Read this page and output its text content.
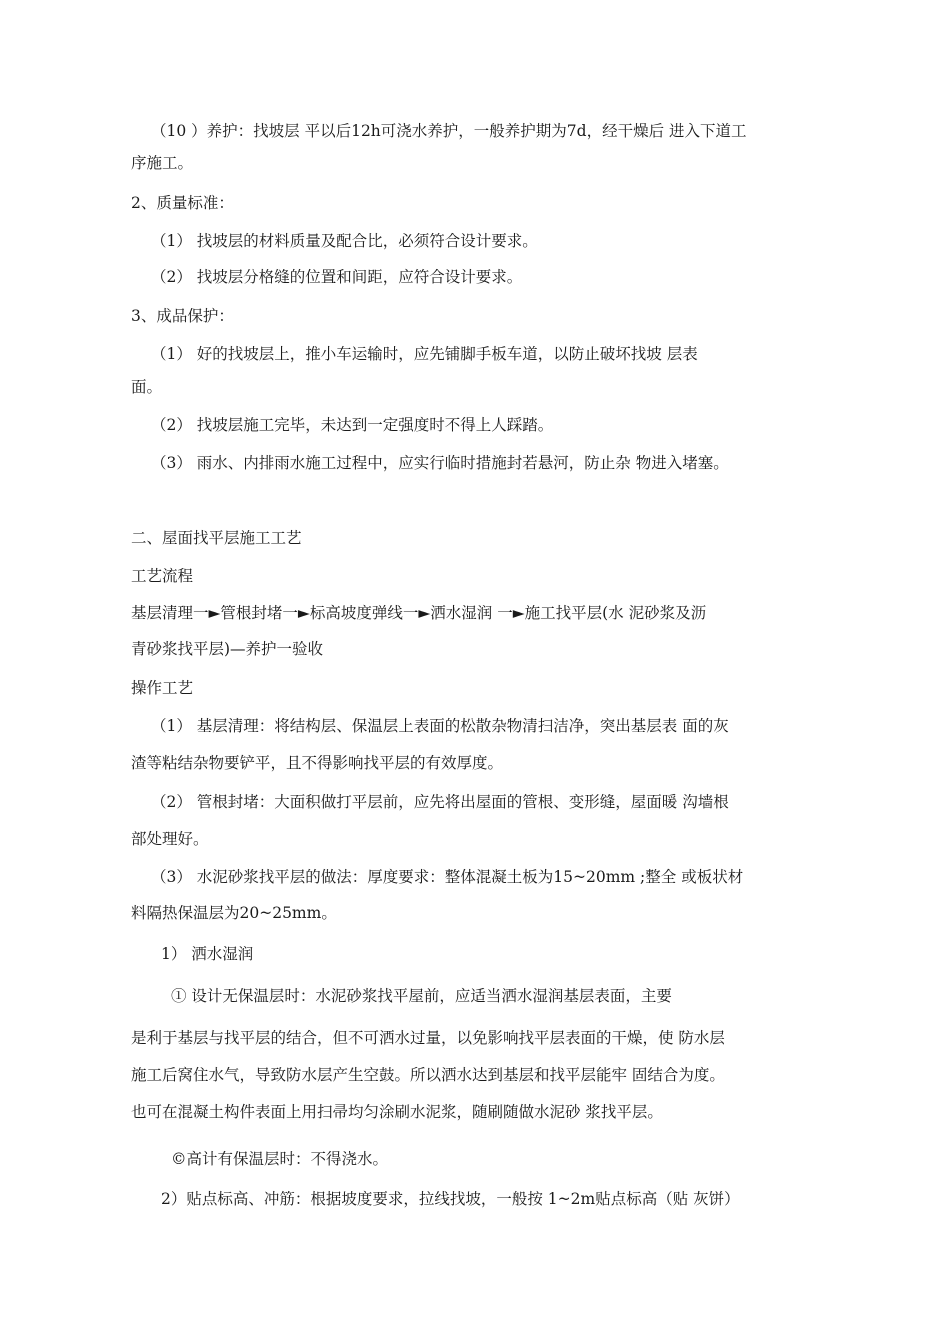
（10 ）养护：找坡层 平以后12h可浇水养护，一般养护期为7d，经干燥后 进入下道工
序施工。
2、质量标准：
（1） 找坡层的材料质量及配合比，必须符合设计要求。
（2） 找坡层分格缝的位置和间距，应符合设计要求。
3、成品保护：
（1） 好的找坡层上，推小车运输时，应先铺脚手板车道，以防止破坏找坡 层表
面。
（2） 找坡层施工完毕，未达到一定强度时不得上人踩踏。
（3） 雨水、内排雨水施工过程中，应实行临时措施封若悬河，防止杂 物进入堵塞。
二、屋面找平层施工工艺
工艺流程
基层清理一►管根封堵一►标高坡度弹线一►洒水湿润 一►施工找平层(水 泥砂浆及沥
青砂浆找平层)—养护一验收
操作工艺
（1） 基层清理：将结构层、保温层上表面的松散杂物清扫洁净，突出基层表 面的灰
渣等粘结杂物要铲平，且不得影响找平层的有效厚度。
（2） 管根封堵：大面积做打平层前，应先将出屋面的管根、变形缝，屋面暖 沟墙根
部处理好。
（3） 水泥砂浆找平层的做法：厚度要求：整体混凝土板为15~20mm ;整全 或板状材
料隔热保温层为20~25mm。
1） 洒水湿润
① 设计无保温层时：水泥砂浆找平屋前，应适当洒水湿润基层表面，主要
是利于基层与找平层的结合，但不可洒水过量，以免影响找平层表面的干燥，使 防水层
施工后窝住水气，导致防水层产生空鼓。所以洒水达到基层和找平层能牢 固结合为度。
也可在混凝土构件表面上用扫帚均匀涂刷水泥浆，随刷随做水泥砂 浆找平层。
©高计有保温层时：不得浇水。
2）贴点标高、冲筋：根据坡度要求，拉线找坡，一般按 1~2m贴点标高（贴 灰饼）
